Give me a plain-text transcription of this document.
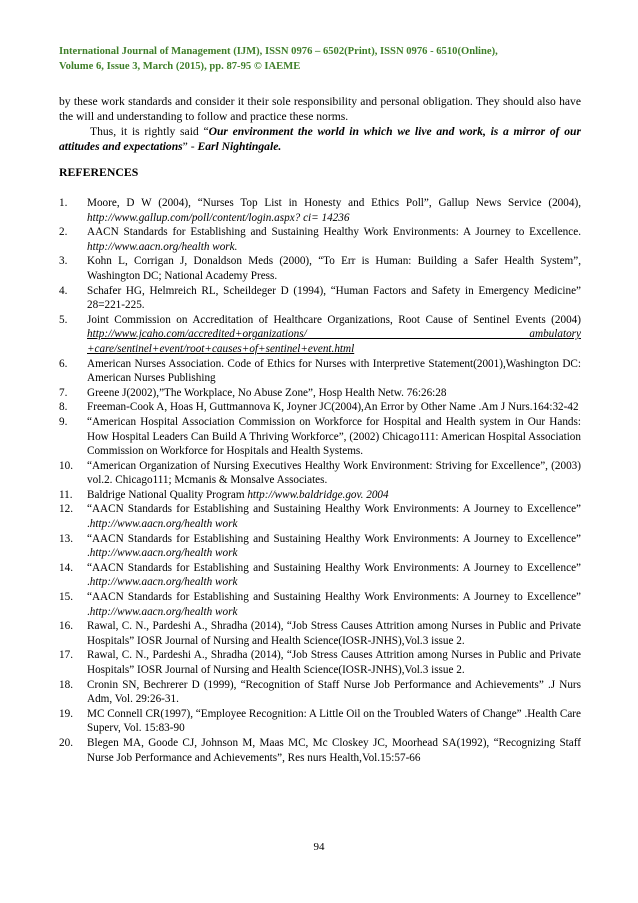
International Journal of Management (IJM), ISSN 0976 – 6502(Print), ISSN 0976 - 6510(Online),
Volume 6, Issue 3, March (2015), pp. 87-95 © IAEME

by these work standards and consider it their sole responsibility and personal obligation. They should also have the will and understanding to follow and practice these norms.

Thus, it is rightly said “Our environment the world in which we live and work, is a mirror of our attitudes and expectations” - Earl Nightingale.

REFERENCES
1.	Moore, D W (2004), “Nurses Top List in Honesty and Ethics Poll”, Gallup News Service (2004), http://www.gallup.com/poll/content/login.aspx? ci= 14236
2.	AACN Standards for Establishing and Sustaining Healthy Work Environments: A Journey to Excellence. http://www.aacn.org/health work.
3.	Kohn L, Corrigan J, Donaldson Meds (2000), “To Err is Human: Building a Safer Health System”, Washington DC; National Academy Press.
4.	Schafer HG, Helmreich RL, Scheildeger D (1994), “Human Factors and Safety in Emergency Medicine” 28=221-225.
5.	Joint Commission on Accreditation of Healthcare Organizations, Root Cause of Sentinel Events (2004) http://www.jcaho.com/accredited+organizations/ ambulatory +care/sentinel+event/root+causes+of+sentinel+event.html
6.	American Nurses Association. Code of Ethics for Nurses with Interpretive Statement(2001),Washington DC: American Nurses Publishing
7.	Greene J(2002),”The Workplace, No Abuse Zone”, Hosp Health Netw. 76:26:28
8.	Freeman-Cook A, Hoas H, Guttmannova K, Joyner JC(2004),An Error by Other Name .Am J Nurs.164:32-42
9.	“American Hospital Association Commission on Workforce for Hospital and Health system in Our Hands: How Hospital Leaders Can Build A Thriving Workforce”, (2002) Chicago111: American Hospital Association Commission on Workforce for Hospitals and Health Systems.
10.	“American Organization of Nursing Executives Healthy Work Environment: Striving for Excellence”, (2003) vol.2. Chicago111; Mcmanis & Monsalve Associates.
11.	Baldrige National Quality Program http://www.baldridge.gov. 2004
12.	“AACN Standards for Establishing and Sustaining Healthy Work Environments: A Journey to Excellence” .http://www.aacn.org/health work
13.	“AACN Standards for Establishing and Sustaining Healthy Work Environments: A Journey to Excellence” .http://www.aacn.org/health work
14.	“AACN Standards for Establishing and Sustaining Healthy Work Environments: A Journey to Excellence” .http://www.aacn.org/health work
15.	“AACN Standards for Establishing and Sustaining Healthy Work Environments: A Journey to Excellence” .http://www.aacn.org/health work
16.	Rawal, C. N., Pardeshi A., Shradha (2014), “Job Stress Causes Attrition among Nurses in Public and Private Hospitals” IOSR Journal of Nursing and Health Science(IOSR-JNHS),Vol.3 issue 2.
17.	Rawal, C. N., Pardeshi A., Shradha (2014), “Job Stress Causes Attrition among Nurses in Public and Private Hospitals” IOSR Journal of Nursing and Health Science(IOSR-JNHS),Vol.3 issue 2.
18.	Cronin SN, Bechrerer D (1999), “Recognition of Staff Nurse Job Performance and Achievements” .J Nurs Adm, Vol. 29:26-31.
19.	MC Connell CR(1997), “Employee Recognition: A Little Oil on the Troubled Waters of Change” .Health Care Superv, Vol. 15:83-90
20.	Blegen MA, Goode CJ, Johnson M, Maas MC, Mc Closkey JC, Moorhead SA(1992), “Recognizing Staff Nurse Job Performance and Achievements”, Res nurs Health,Vol.15:57-66
94
